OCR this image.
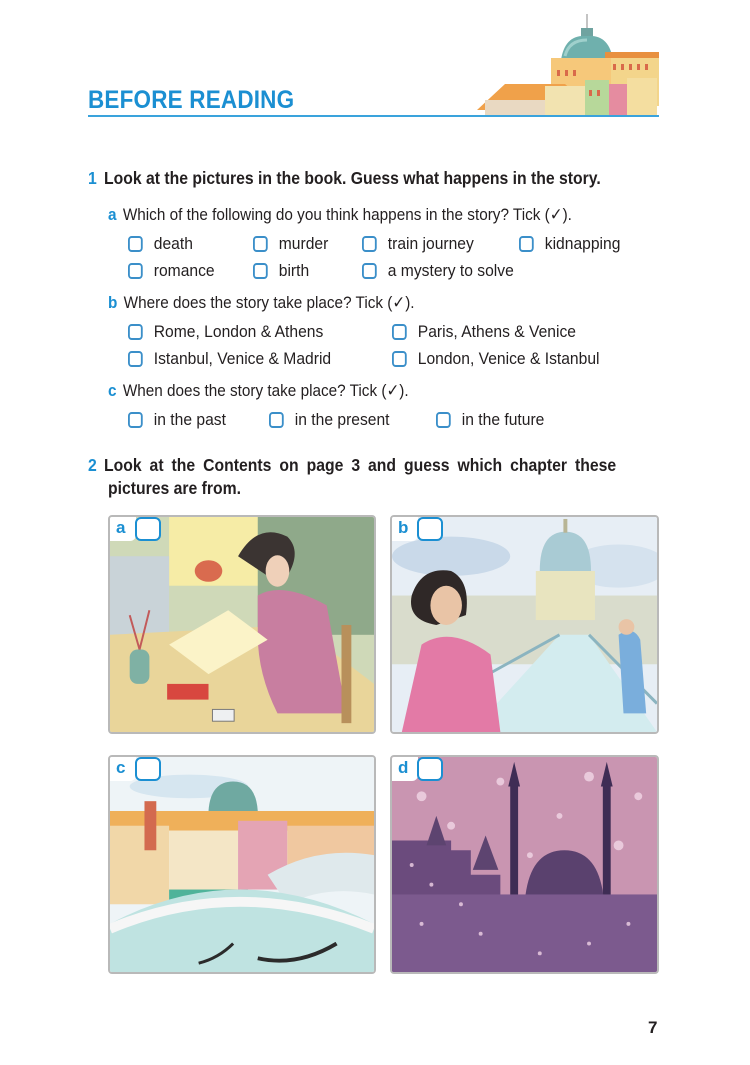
BEFORE READING
1 Look at the pictures in the book. Guess what happens in the story.
a Which of the following do you think happens in the story? Tick (✓).
death	murder	train journey	kidnapping
romance	birth	a mystery to solve
b Where does the story take place? Tick (✓).
Rome, London & Athens	Paris, Athens & Venice
Istanbul, Venice & Madrid	London, Venice & Istanbul
c When does the story take place? Tick (✓).
in the past	in the present	in the future
2 Look at the Contents on page 3 and guess which chapter these
pictures are from.
a	b
c	d
7
